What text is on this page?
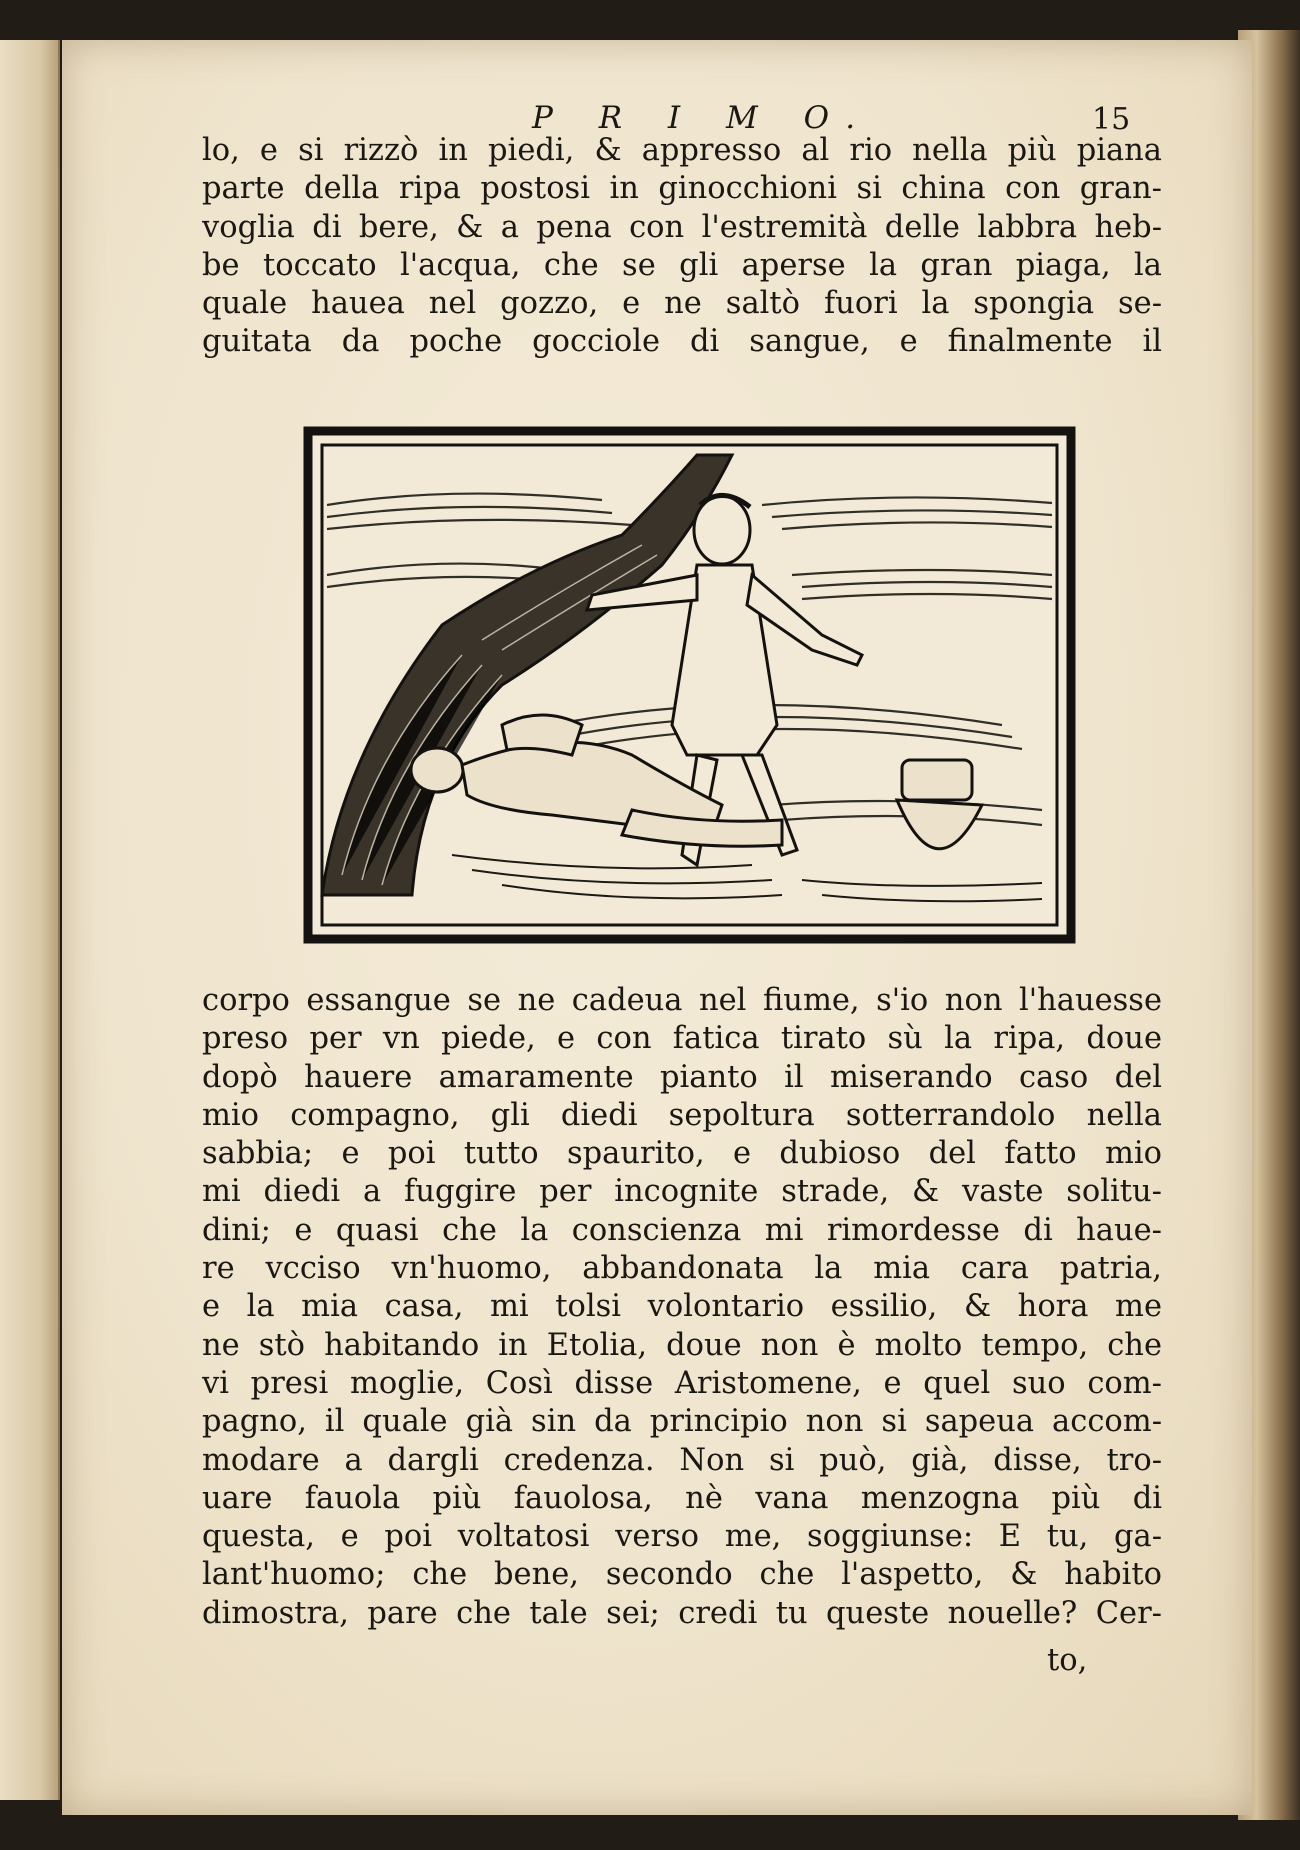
P R I M O.	15
lo, e si rizzò in piedi, & appresso al rio nella più piana
parte della ripa postosi in ginocchioni si china con gran-
voglia di bere, & a pena con l'estremità delle labbra heb-
be toccato l'acqua, che se gli aperse la gran piaga, la
quale hauea nel gozzo, e ne saltò fuori la spongia se-
guitata da poche gocciole di sangue, e finalmente il
corpo essangue se ne cadeua nel fiume, s'io non l'hauesse
preso per vn piede, e con fatica tirato sù la ripa, doue
dopò hauere amaramente pianto il miserando caso del
mio compagno, gli diedi sepoltura sotterrandolo nella
sabbia; e poi tutto spaurito, e dubioso del fatto mio
mi diedi a fuggire per incognite strade, & vaste solitu-
dini; e quasi che la conscienza mi rimordesse di haue-
re vcciso vn'huomo, abbandonata la mia cara patria,
e la mia casa, mi tolsi volontario essilio, & hora me
ne stò habitando in Etolia, doue non è molto tempo, che
vi presi moglie, Così disse Aristomene, e quel suo com-
pagno, il quale già sin da principio non si sapeua accom-
modare a dargli credenza. Non si può, già, disse, tro-
uare fauola più fauolosa, nè vana menzogna più di
questa, e poi voltatosi verso me, soggiunse: E tu, ga-
lant'huomo; che bene, secondo che l'aspetto, & habito
dimostra, pare che tale sei; credi tu queste nouelle? Cer-
to,
